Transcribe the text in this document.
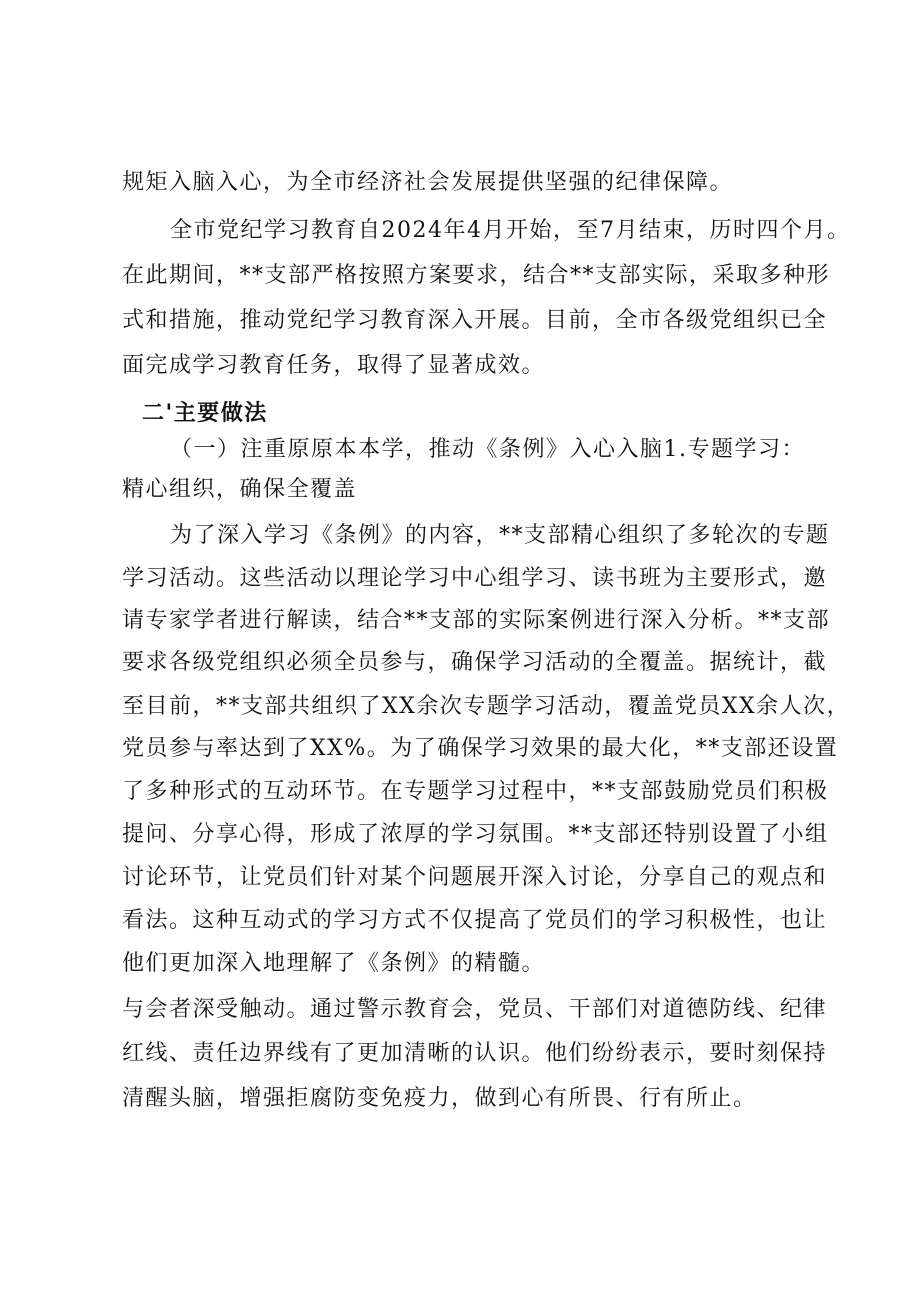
规矩入脑入心，为全市经济社会发展提供坚强的纪律保障。
全市党纪学习教育自2024年4月开始，至7月结束，历时四个月。
在此期间，**支部严格按照方案要求，结合**支部实际，采取多种形
式和措施，推动党纪学习教育深入开展。目前，全市各级党组织已全
面完成学习教育任务，取得了显著成效。
二'主要做法
（一）注重原原本本学，推动《条例》入心入脑1.专题学习：
精心组织，确保全覆盖
为了深入学习《条例》的内容，**支部精心组织了多轮次的专题
学习活动。这些活动以理论学习中心组学习、读书班为主要形式，邀
请专家学者进行解读，结合**支部的实际案例进行深入分析。**支部
要求各级党组织必须全员参与，确保学习活动的全覆盖。据统计，截
至目前，**支部共组织了XX余次专题学习活动，覆盖党员XX余人次，
党员参与率达到了XX%。为了确保学习效果的最大化，**支部还设置
了多种形式的互动环节。在专题学习过程中，**支部鼓励党员们积极
提问、分享心得，形成了浓厚的学习氛围。**支部还特别设置了小组
讨论环节，让党员们针对某个问题展开深入讨论，分享自己的观点和
看法。这种互动式的学习方式不仅提高了党员们的学习积极性，也让
他们更加深入地理解了《条例》的精髓。
与会者深受触动。通过警示教育会，党员、干部们对道德防线、纪律
红线、责任边界线有了更加清晰的认识。他们纷纷表示，要时刻保持
清醒头脑，增强拒腐防变免疫力，做到心有所畏、行有所止。
